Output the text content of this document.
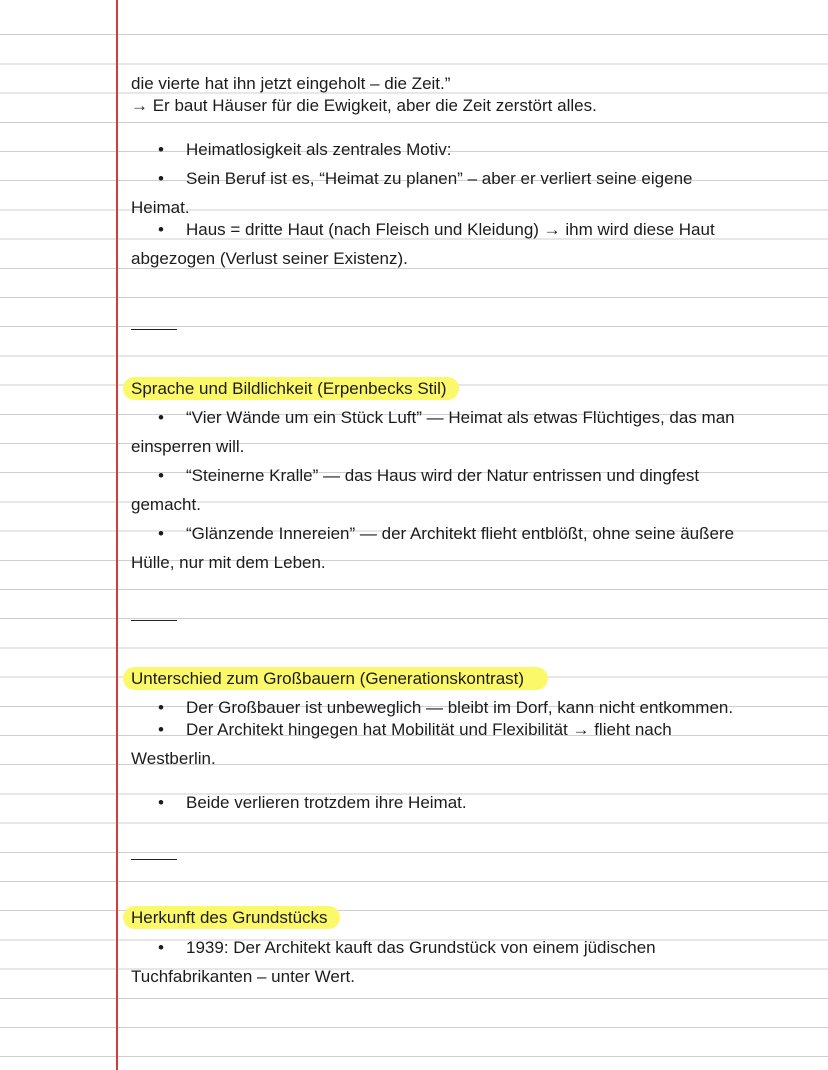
die vierte hat ihn jetzt eingeholt – die Zeit.”
→ Er baut Häuser für die Ewigkeit, aber die Zeit zerstört alles.
• Heimatlosigkeit als zentrales Motiv:
• Sein Beruf ist es, “Heimat zu planen” – aber er verliert seine eigene
Heimat.
• Haus = dritte Haut (nach Fleisch und Kleidung) → ihm wird diese Haut
abgezogen (Verlust seiner Existenz).
Sprache und Bildlichkeit (Erpenbecks Stil)
• “Vier Wände um ein Stück Luft” — Heimat als etwas Flüchtiges, das man
einsperren will.
• “Steinerne Kralle” — das Haus wird der Natur entrissen und dingfest
gemacht.
• “Glänzende Innereien” — der Architekt flieht entblößt, ohne seine äußere
Hülle, nur mit dem Leben.
Unterschied zum Großbauern (Generationskontrast)
• Der Großbauer ist unbeweglich — bleibt im Dorf, kann nicht entkommen.
• Der Architekt hingegen hat Mobilität und Flexibilität → flieht nach
Westberlin.
• Beide verlieren trotzdem ihre Heimat.
Herkunft des Grundstücks
• 1939: Der Architekt kauft das Grundstück von einem jüdischen
Tuchfabrikanten – unter Wert.
